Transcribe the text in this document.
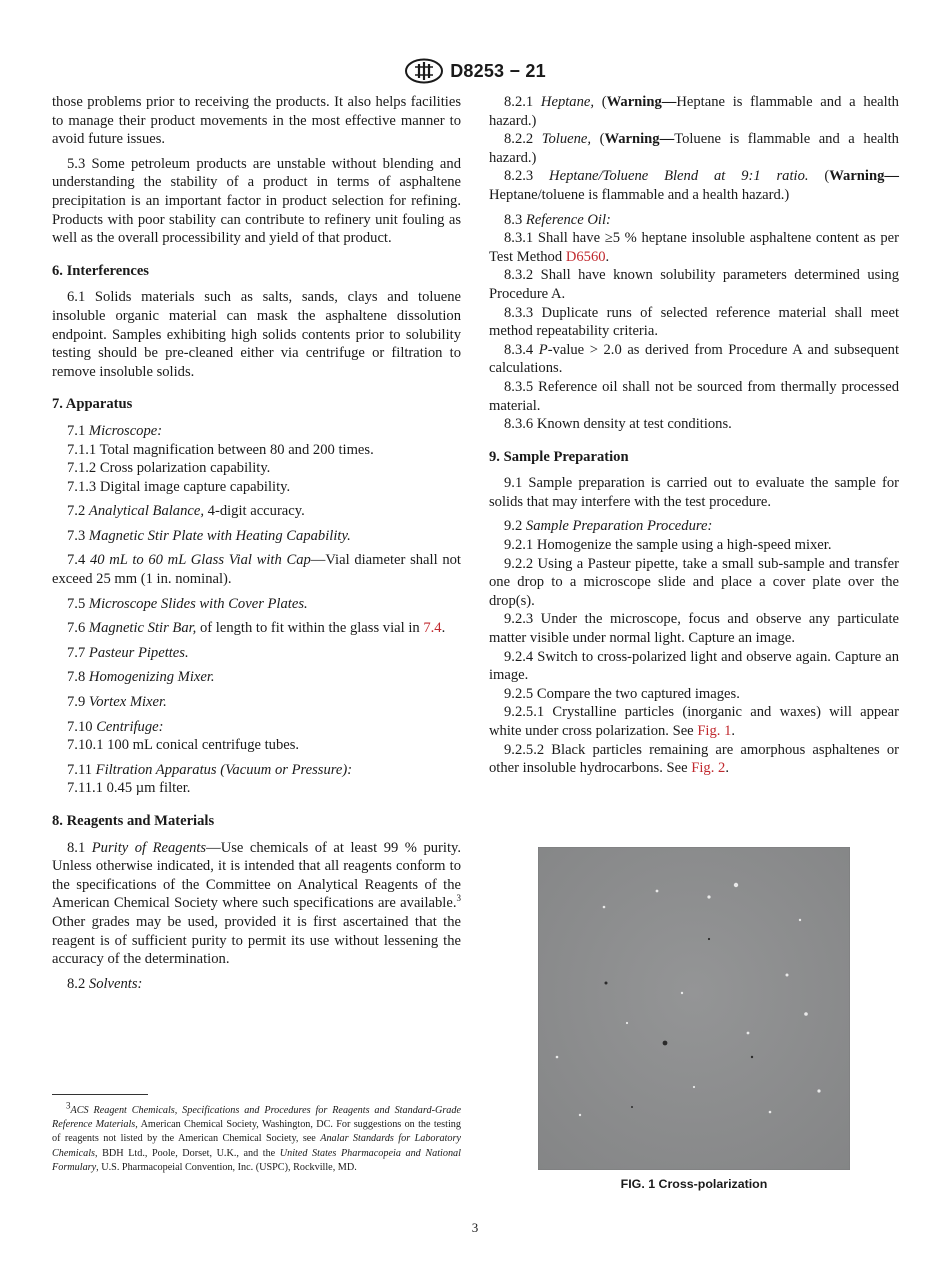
D8253 − 21

those problems prior to receiving the products. It also helps facilities to manage their product movements in the most effective manner to avoid future issues.

5.3 Some petroleum products are unstable without blending and understanding the stability of a product in terms of asphaltene precipitation is an important factor in product selection for refining. Products with poor stability can contribute to refinery unit fouling as well as the overall processibility and yield of that product.

6. Interferences

6.1 Solids materials such as salts, sands, clays and toluene insoluble organic material can mask the asphaltene dissolution endpoint. Samples exhibiting high solids contents prior to solubility testing should be pre-cleaned either via centrifuge or filtration to remove insoluble solids.

7. Apparatus

7.1 Microscope:

7.1.1 Total magnification between 80 and 200 times.

7.1.2 Cross polarization capability.

7.1.3 Digital image capture capability.

7.2 Analytical Balance, 4-digit accuracy.

7.3 Magnetic Stir Plate with Heating Capability.

7.4 40 mL to 60 mL Glass Vial with Cap—Vial diameter shall not exceed 25 mm (1 in. nominal).

7.5 Microscope Slides with Cover Plates.

7.6 Magnetic Stir Bar, of length to fit within the glass vial in 7.4.

7.7 Pasteur Pipettes.

7.8 Homogenizing Mixer.

7.9 Vortex Mixer.

7.10 Centrifuge:

7.10.1 100 mL conical centrifuge tubes.

7.11 Filtration Apparatus (Vacuum or Pressure):

7.11.1 0.45 µm filter.

8. Reagents and Materials

8.1 Purity of Reagents—Use chemicals of at least 99 % purity. Unless otherwise indicated, it is intended that all reagents conform to the specifications of the Committee on Analytical Reagents of the American Chemical Society where such specifications are available.$^3$ Other grades may be used, provided it is first ascertained that the reagent is of sufficient purity to permit its use without lessening the accuracy of the determination.

8.2 Solvents:

8.2.1 Heptane, (Warning—Heptane is flammable and a health hazard.)

8.2.2 Toluene, (Warning—Toluene is flammable and a health hazard.)

8.2.3 Heptane/Toluene Blend at 9:1 ratio. (Warning—Heptane/toluene is flammable and a health hazard.)

8.3 Reference Oil:

8.3.1 Shall have ≥5 % heptane insoluble asphaltene content as per Test Method D6560.

8.3.2 Shall have known solubility parameters determined using Procedure A.

8.3.3 Duplicate runs of selected reference material shall meet method repeatability criteria.

8.3.4 P-value > 2.0 as derived from Procedure A and subsequent calculations.

8.3.5 Reference oil shall not be sourced from thermally processed material.

8.3.6 Known density at test conditions.

9. Sample Preparation

9.1 Sample preparation is carried out to evaluate the sample for solids that may interfere with the test procedure.

9.2 Sample Preparation Procedure:

9.2.1 Homogenize the sample using a high-speed mixer.

9.2.2 Using a Pasteur pipette, take a small sub-sample and transfer one drop to a microscope slide and place a cover plate over the drop(s).

9.2.3 Under the microscope, focus and observe any particulate matter visible under normal light. Capture an image.

9.2.4 Switch to cross-polarized light and observe again. Capture an image.

9.2.5 Compare the two captured images.

9.2.5.1 Crystalline particles (inorganic and waxes) will appear white under cross polarization. See Fig. 1.

9.2.5.2 Black particles remaining are amorphous asphaltenes or other insoluble hydrocarbons. See Fig. 2.

FIG. 1 Cross-polarization

$^3$ACS Reagent Chemicals, Specifications and Procedures for Reagents and Standard-Grade Reference Materials, American Chemical Society, Washington, DC. For suggestions on the testing of reagents not listed by the American Chemical Society, see Analar Standards for Laboratory Chemicals, BDH Ltd., Poole, Dorset, U.K., and the United States Pharmacopeia and National Formulary, U.S. Pharmacopeial Convention, Inc. (USPC), Rockville, MD.

3
